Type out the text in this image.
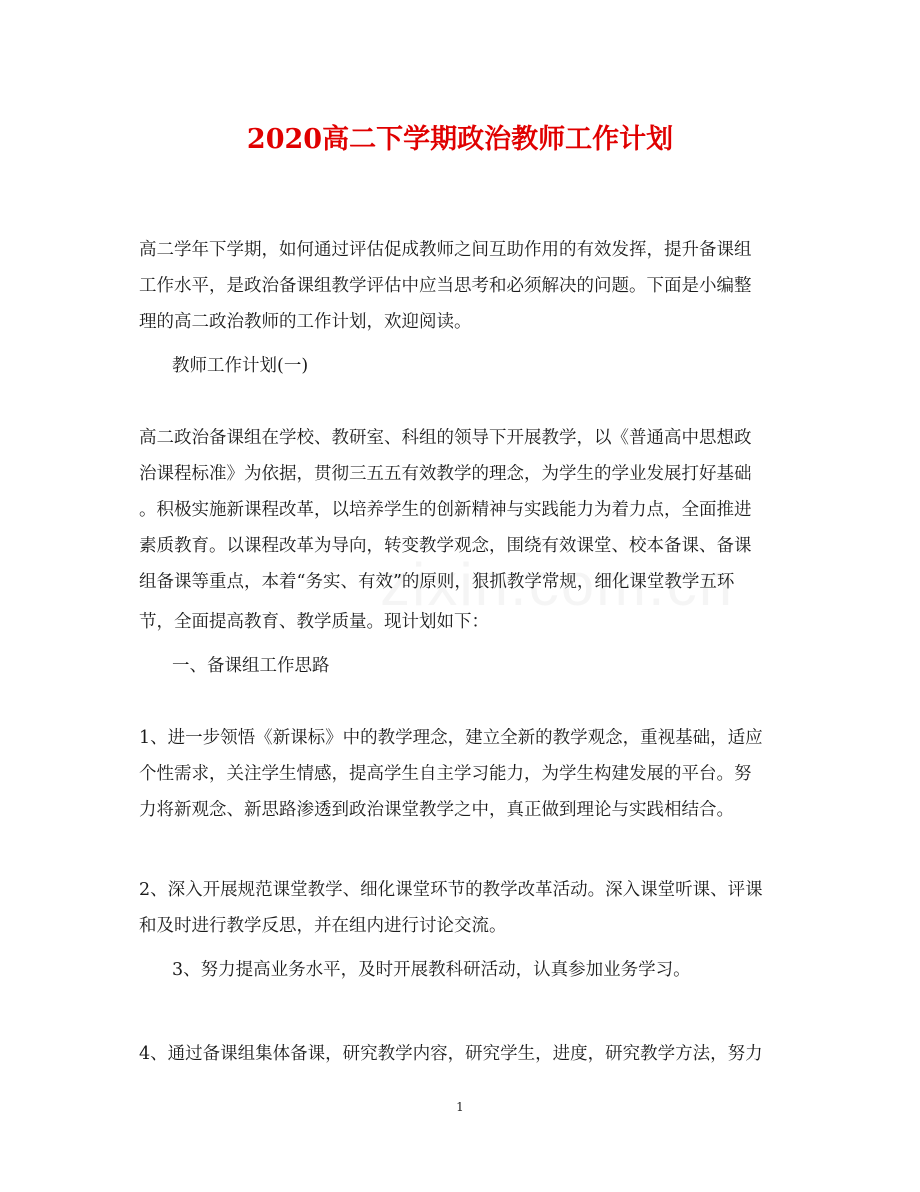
2020高二下学期政治教师工作计划
高二学年下学期，如何通过评估促成教师之间互助作用的有效发挥，提升备课组
工作水平，是政治备课组教学评估中应当思考和必须解决的问题。下面是小编整
理的高二政治教师的工作计划，欢迎阅读。
教师工作计划(一)
高二政治备课组在学校、教研室、科组的领导下开展教学，以《普通高中思想政
治课程标准》为依据，贯彻三五五有效教学的理念，为学生的学业发展打好基础
。积极实施新课程改革，以培养学生的创新精神与实践能力为着力点，全面推进
素质教育。以课程改革为导向，转变教学观念，围绕有效课堂、校本备课、备课
组备课等重点，本着“务实、有效”的原则，狠抓教学常规，细化课堂教学五环
节，全面提高教育、教学质量。现计划如下：
一、备课组工作思路
1、进一步领悟《新课标》中的教学理念，建立全新的教学观念，重视基础，适应
个性需求，关注学生情感，提高学生自主学习能力，为学生构建发展的平台。努
力将新观念、新思路渗透到政治课堂教学之中，真正做到理论与实践相结合。
2、深入开展规范课堂教学、细化课堂环节的教学改革活动。深入课堂听课、评课
和及时进行教学反思，并在组内进行讨论交流。
3、努力提高业务水平，及时开展教科研活动，认真参加业务学习。
4、通过备课组集体备课，研究教学内容，研究学生，进度，研究教学方法，努力
1
